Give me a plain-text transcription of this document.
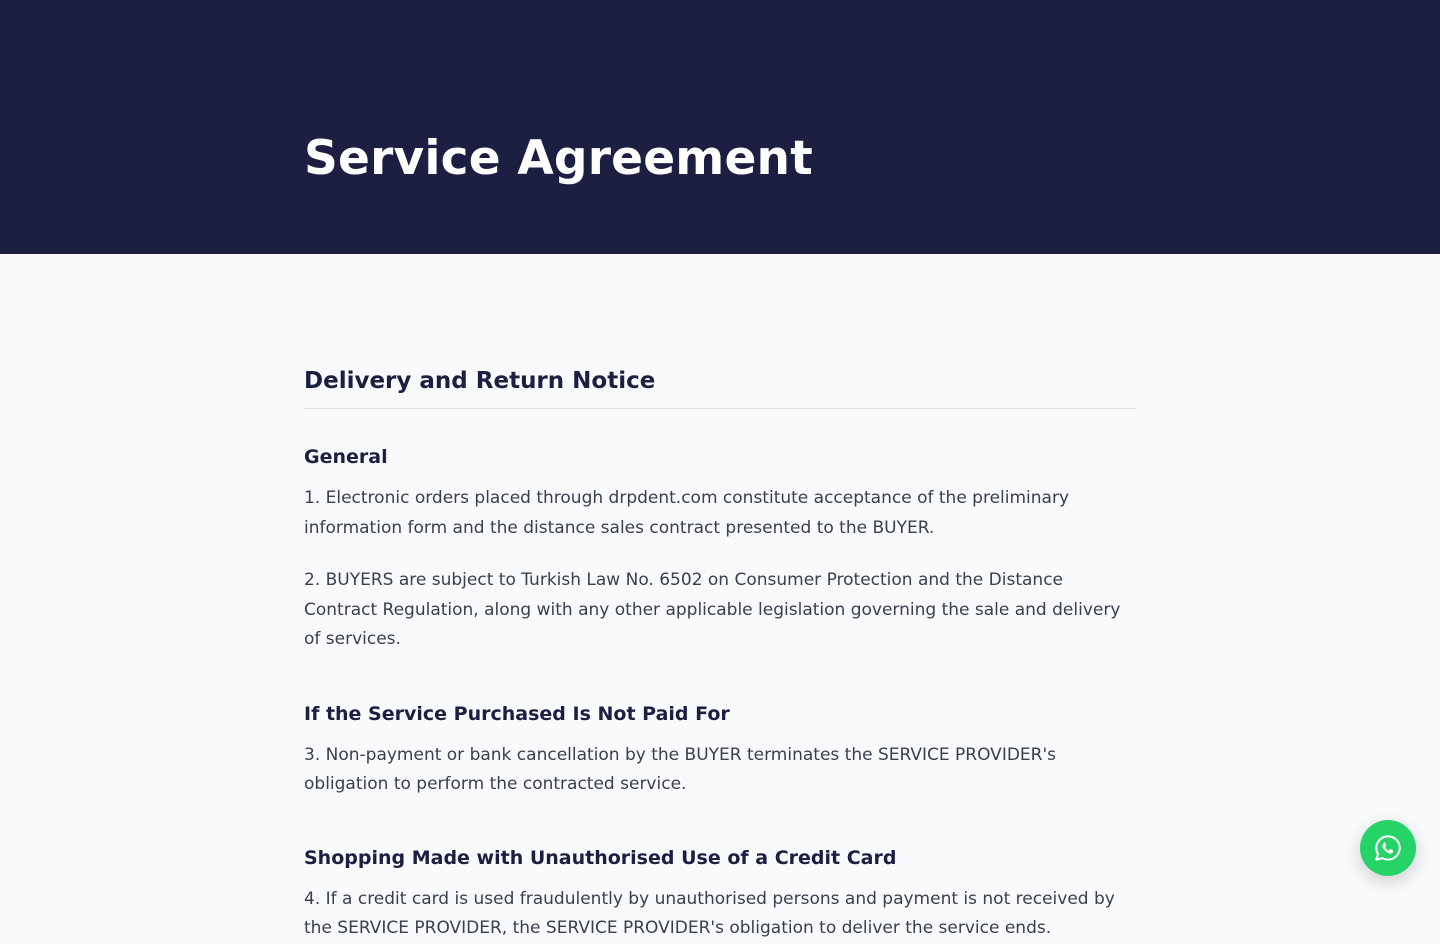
Service Agreement
Delivery and Return Notice
General

1. Electronic orders placed through drpdent.com constitute acceptance of the preliminary information form and the distance sales contract presented to the BUYER.

2. BUYERS are subject to Turkish Law No. 6502 on Consumer Protection and the Distance Contract Regulation, along with any other applicable legislation governing the sale and delivery of services.

If the Service Purchased Is Not Paid For

3. Non-payment or bank cancellation by the BUYER terminates the SERVICE PROVIDER's obligation to perform the contracted service.

Shopping Made with Unauthorised Use of a Credit Card

4. If a credit card is used fraudulently by unauthorised persons and payment is not received by the SERVICE PROVIDER, the SERVICE PROVIDER's obligation to deliver the service ends.
